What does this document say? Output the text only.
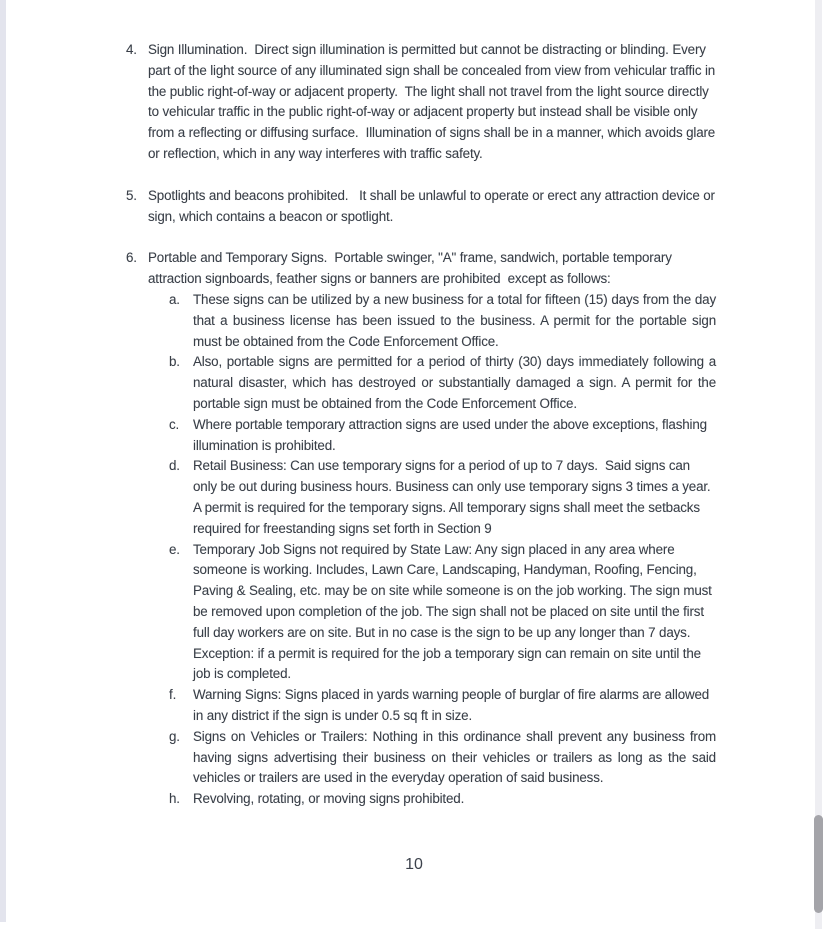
4. Sign Illumination.  Direct sign illumination is permitted but cannot be distracting or blinding. Every part of the light source of any illuminated sign shall be concealed from view from vehicular traffic in the public right-of-way or adjacent property.  The light shall not travel from the light source directly to vehicular traffic in the public right-of-way or adjacent property but instead shall be visible only from a reflecting or diffusing surface.  Illumination of signs shall be in a manner, which avoids glare or reflection, which in any way interferes with traffic safety.
5. Spotlights and beacons prohibited.   It shall be unlawful to operate or erect any attraction device or sign, which contains a beacon or spotlight.
6. Portable and Temporary Signs.  Portable swinger, "A" frame, sandwich, portable temporary attraction signboards, feather signs or banners are prohibited  except as follows:
a. These signs can be utilized by a new business for a total for fifteen (15) days from the day that a business license has been issued to the business. A permit for the portable sign must be obtained from the Code Enforcement Office.
b. Also, portable signs are permitted for a period of thirty (30) days immediately following a natural disaster, which has destroyed or substantially damaged a sign. A permit for the portable sign must be obtained from the Code Enforcement Office.
c.	Where portable temporary attraction signs are used under the above exceptions, flashing illumination is prohibited.
d. Retail Business: Can use temporary signs for a period of up to 7 days.  Said signs can only be out during business hours. Business can only use temporary signs 3 times a year. A permit is required for the temporary signs. All temporary signs shall meet the setbacks required for freestanding signs set forth in Section 9
e. Temporary Job Signs not required by State Law: Any sign placed in any area where someone is working. Includes, Lawn Care, Landscaping, Handyman, Roofing, Fencing, Paving & Sealing, etc. may be on site while someone is on the job working. The sign must be removed upon completion of the job. The sign shall not be placed on site until the first full day workers are on site. But in no case is the sign to be up any longer than 7 days. Exception: if a permit is required for the job a temporary sign can remain on site until the job is completed.
f.	Warning Signs: Signs placed in yards warning people of burglar of fire alarms are allowed in any district if the sign is under 0.5 sq ft in size.
g. Signs on Vehicles or Trailers: Nothing in this ordinance shall prevent any business from having signs advertising their business on their vehicles or trailers as long as the said vehicles or trailers are used in the everyday operation of said business.
h. Revolving, rotating, or moving signs prohibited.
10
